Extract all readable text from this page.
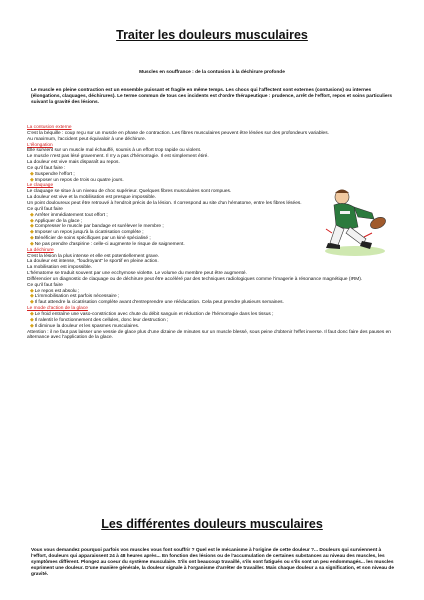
Traiter les douleurs musculaires
Muscles en souffrance : de la contusion à la déchirure profonde
Le muscle en pleine contraction est un ensemble puissant et fragile en même temps. Les chocs qui l'affectent sont externes (contusions) ou internes (élongations, claquages, déchirures). Le terme commun de tous ces incidents est d'ordre thérapeutique : prudence, arrêt de l'effort, repos et soins particuliers suivant la gravité des lésions.
La contusion externe
C'est la béquille : coup reçu sur un muscle en phase de contraction. Les fibres musculaires peuvent être lésées sur des profondeurs variables.
Au maximum, l'accident peut équivaloir à une déchirure.
L'élongation
Elle survient sur un muscle mal échauffé, soumis à un effort trop rapide ou violent.
Le muscle n'est pas lésé gravement. Il n'y a pas d'hémorragie. Il est simplement étiré.
La douleur est vive mais disparaît au repos.
Ce qu'il faut faire :
◆Suspendre l'effort ;
◆Imposer un repos de trois ou quatre jours.
Le claquage
Le claquage se situe à un niveau de choc supérieur. Quelques fibres musculaires sont rompues.
La douleur est vive et la mobilisation est presque impossible.
Un point douloureux peut être retrouvé à l'endroit précis de la lésion. Il correspond au site d'un hématome, entre les fibres lésées.
Ce qu'il faut faire
◆Arrêter immédiatement tout effort ;
◆Appliquer de la glace ;
◆Compresser le muscle par bandage et surélever le membre ;
◆Imposer un repos jusqu'à la cicatrisation complète ;
◆Bénéficier de soins spécifiques par un kiné spécialisé ;
◆Ne pas prendre d'aspirine : celle-ci augmente le risque de saignement.
La déchirure
C'est la lésion la plus intense et elle est potentiellement grave.
La douleur est intense, "foudroyant" le sportif en pleine action.
La mobilisation est impossible.
L'hématome se traduit souvent par une ecchymose violette. Le volume du membre peut être augmenté.
Différencier un diagnostic de claquage ou de déchirure peut être accéléré par des techniques radiologiques comme l'imagerie à résonance magnétique (IRM).
Ce qu'il faut faire
◆Le repos est absolu ;
◆L'immobilisation est parfois nécessaire ;
◆Il faut attendre la cicatrisation complète avant d'entreprendre une rééducation. Cela peut prendre plusieurs semaines.
Le mode d'action de la glace
◆Le froid entraîne une vaso-constriction avec chute du débit sanguin et réduction de l'hémorragie dans les tissus ;
◆Il ralentit le fonctionnement des cellules, donc leur destruction ;
◆Il diminue la douleur et les spasmes musculaires.
Attention : il ne faut pas laisser une vessie de glace plus d'une dizaine de minutes sur un muscle blessé, sous peine d'obtenir l'effet inverse. Il faut donc faire des pauses en alternance avec l'application de la glace.
Les différentes douleurs musculaires
Vous vous demandez pourquoi parfois vos muscles vous font souffrir ? Quel est le mécanisme à l'origine de cette douleur ?... Douleurs qui surviennent à l'effort, douleurs qui apparaissent 24 à 48 heures après... En fonction des lésions ou de l'accumulation de certaines substances au niveau des muscles, les symptômes diffèrent. Plongez au coeur du système musculaire. S'ils ont beaucoup travaillé, s'ils sont fatigués ou s'ils sont un peu endommagés... les muscles expriment une douleur. D'une manière générale, la douleur signale à l'organisme d'arrêter de travailler. Mais chaque douleur a sa signification, et son niveau de gravité.
